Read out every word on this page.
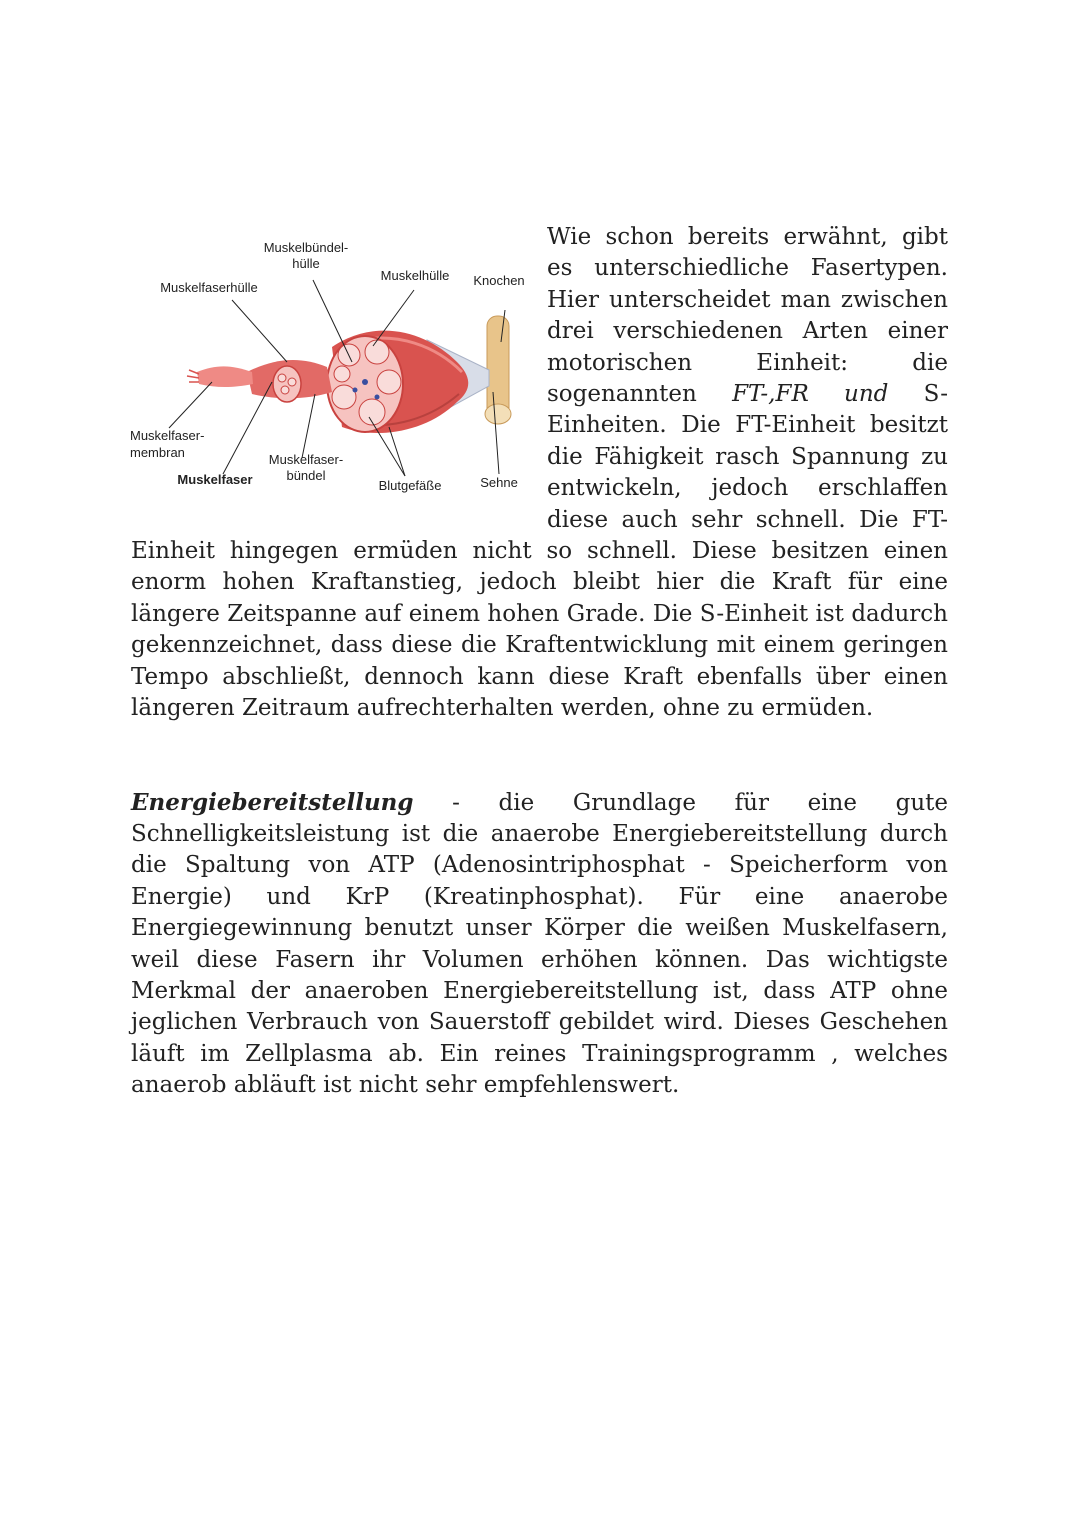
Muskelbündel-
hülle
Muskelhülle Knochen
Muskelfaserhülle
Muskelfaser-
membran	Muskelfaser-
bündel
Muskelfaser	Blutgefäße	Sehne

Wie schon bereits erwähnt, gibt es unterschiedliche Fasertypen. Hier unterscheidet man zwischen drei verschiedenen Arten einer motorischen Einheit: die sogenannten FT-,FR und S-Einheiten. Die FT-Einheit besitzt die Fähigkeit rasch Spannung zu entwickeln, jedoch erschlaffen diese auch sehr schnell. Die FT-Einheit hingegen ermüden nicht so schnell. Diese besitzen einen enorm hohen Kraftanstieg, jedoch bleibt hier die Kraft für eine längere Zeitspanne auf einem hohen Grade. Die S-Einheit ist dadurch gekennzeichnet, dass diese die Kraftentwicklung mit einem geringen Tempo abschließt, dennoch kann diese Kraft ebenfalls über einen längeren Zeitraum aufrechterhalten werden, ohne zu ermüden.

Energiebereitstellung - die Grundlage für eine gute Schnelligkeitsleistung ist die anaerobe Energiebereitstellung durch die Spaltung von ATP (Adenosintriphosphat - Speicherform von Energie) und KrP (Kreatinphosphat). Für eine anaerobe Energiegewinnung benutzt unser Körper die weißen Muskelfasern, weil diese Fasern ihr Volumen erhöhen können. Das wichtigste Merkmal der anaeroben Energiebereitstellung ist, dass ATP ohne jeglichen Verbrauch von Sauerstoff gebildet wird. Dieses Geschehen läuft im Zellplasma ab. Ein reines Trainingsprogramm , welches anaerob abläuft ist nicht sehr empfehlenswert.
